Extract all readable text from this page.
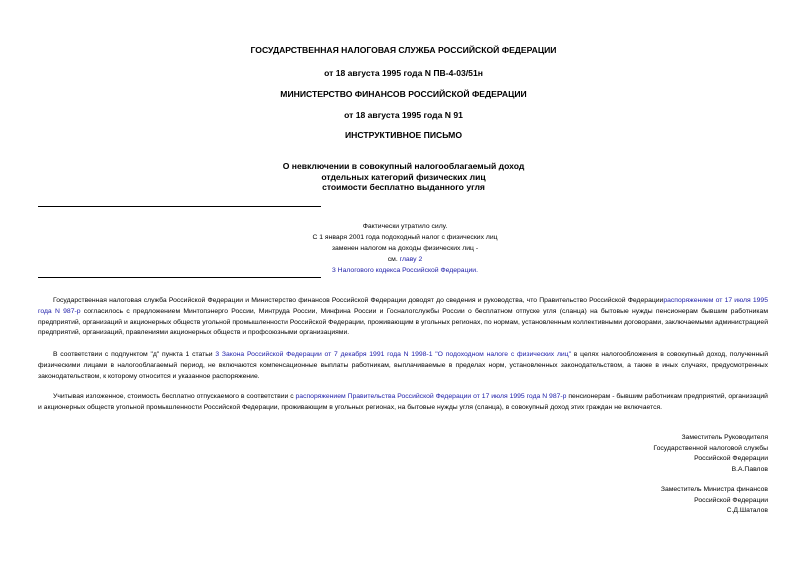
ГОСУДАРСТВЕННАЯ НАЛОГОВАЯ СЛУЖБА РОССИЙСКОЙ ФЕДЕРАЦИИ
от 18 августа 1995 года N ПВ-4-03/51н
МИНИСТЕРСТВО ФИНАНСОВ РОССИЙСКОЙ ФЕДЕРАЦИИ
от 18 августа 1995 года N 91
ИНСТРУКТИВНОЕ ПИСЬМО
О невключении в совокупный налогооблагаемый доход
отдельных категорий физических лиц
стоимости бесплатно выданного угля
Фактически утратило силу.
С 1 января 2001 года подоходный налог с физических лиц
заменен налогом на доходы физических лиц -
см. главу 2
3 Налогового кодекса Российской Федерации.
Государственная налоговая служба Российской Федерации и Министерство финансов Российской Федерации доводят до сведения и руководства, что Правительство Российской Федерациираспоряжением от 17 июля 1995 года N 987-р согласилось с предложением Минтопэнерго России, Минтруда России, Минфина России и Госналогслужбы России о бесплатном отпуске угля (сланца) на бытовые нужды пенсионерам бывшим работникам предприятий, организаций и акционерных обществ угольной промышленности Российской Федерации, проживающим в угольных регионах, по нормам, установленным коллективными договорами, заключаемыми администрацией предприятий, организаций, правлениями акционерных обществ и профсоюзными организациями.
В соответствии с подпунктом "д" пункта 1 статьи 3 Закона Российской Федерации от 7 декабря 1991 года N 1998-1 "О подоходном налоге с физических лиц" в целях налогообложения в совокупный доход, полученный физическими лицами в налогооблагаемый период, не включаются компенсационные выплаты работникам, выплачиваемые в пределах норм, установленных законодательством, а также в иных случаях, предусмотренных законодательством, к которому относится и указанное распоряжение.
Учитывая изложенное, стоимость бесплатно отпускаемого в соответствии с распоряжением Правительства Российской Федерации от 17 июля 1995 года N 987-р пенсионерам - бывшим работникам предприятий, организаций и акционерных обществ угольной промышленности Российской Федерации, проживающим в угольных регионах, на бытовые нужды угля (сланца), в совокупный доход этих граждан не включается.
Заместитель Руководителя
Государственной налоговой службы
Российской Федерации
В.А.Павлов
Заместитель Министра финансов
Российской Федерации
С.Д.Шаталов
